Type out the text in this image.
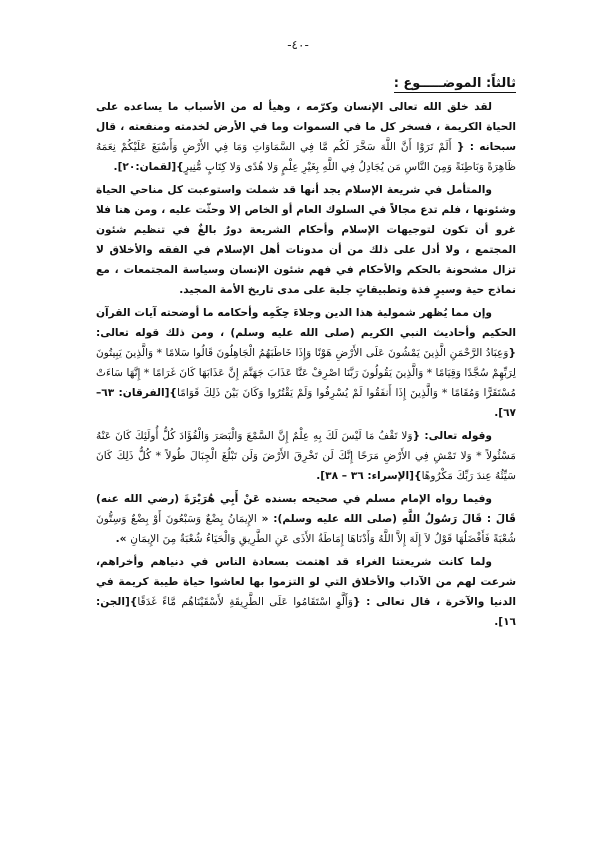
-٤٠-
ثالثاً: الموضـــــوع :

لقد خلق الله تعالى الإنسان وكرّمه ، وهيأ له من الأسباب ما يساعده على الحياة الكريمة ، فسخر كل ما في السموات وما في الأرض لخدمته ومنفعته ، قال سبحانه : { أَلَمْ تَرَوْا أَنَّ اللَّهَ سَخَّرَ لَكُم مَّا فِي السَّمَاوَاتِ وَمَا فِي الأَرْضِ وَأَسْبَغَ عَلَيْكُمْ نِعَمَهُ ظَاهِرَةً وَبَاطِنَةً وَمِنَ النَّاسِ مَن يُجَادِلُ فِي اللَّهِ بِغَيْرِ عِلْمٍ وَلا هُدًى وَلا كِتَابٍ مُّنِيرٍ}[لقمان:٢٠].

والمتأمل في شريعة الإسلام يجد أنها قد شملت واستوعبت كل مناحي الحياة وشئونها ، فلم تدع مجالاً في السلوك العام أو الخاص إلا وحثّت عليه ، ومن هنا فلا غرو أن تكون لتوجيهات الإسلام وأحكام الشريعة دورٌ بالغٌ في تنظيم شئون المجتمع ، ولا أدل على ذلك من أن مدونات أهل الإسلام في الفقه والأخلاق لا تزال مشحونة بالحكم والأحكام في فهم شئون الإنسان وسياسة المجتمعات ، مع نماذج حية وسيرٍ فذة وتطبيقاتٍ جلية على مدى تاريخ الأمة المجيد.

وإن مما يُظهر شمولية هذا الدين وجلاءَ حِكَمِه وأحكامه ما أوضحته آيات القرآن الحكيم وأحاديث النبي الكريم (صلى الله عليه وسلم) ، ومن ذلك قوله تعالى: {وَعِبَادُ الرَّحْمَنِ الَّذِينَ يَمْشُونَ عَلَى الأَرْضِ هَوْنًا وَإِذَا خَاطَبَهُمُ الْجَاهِلُونَ قَالُوا سَلامًا * وَالَّذِينَ يَبِيتُونَ لِرَبِّهِمْ سُجَّدًا وَقِيَامًا * وَالَّذِينَ يَقُولُونَ رَبَّنَا اصْرِفْ عَنَّا عَذَابَ جَهَنَّمَ إِنَّ عَذَابَهَا كَانَ غَرَامًا * إِنَّهَا سَاءَتْ مُسْتَقَرًّا وَمُقَامًا * وَالَّذِينَ إِذَا أَنفَقُوا لَمْ يُسْرِفُوا وَلَمْ يَقْتُرُوا وَكَانَ بَيْنَ ذَلِكَ قَوَامًا}[الفرقان: ٦٣– ٦٧].

وقوله تعالى: {وَلا تَقْفُ مَا لَيْسَ لَكَ بِهِ عِلْمٌ إِنَّ السَّمْعَ وَالْبَصَرَ وَالْفُؤَادَ كُلُّ أُولَئِكَ كَانَ عَنْهُ مَسْئُولاً * وَلا تَمْشِ فِي الأَرْضِ مَرَحًا إِنَّكَ لَن تَخْرِقَ الأَرْضَ وَلَن تَبْلُغَ الْجِبَالَ طُولاً * كُلُّ ذَلِكَ كَانَ سَيِّئُهُ عِندَ رَبِّكَ مَكْرُوهًا}[الإسراء: ٣٦ – ٣٨].

وفيما رواه الإمام مسلم في صحيحه بسنده عَنْ أَبِي هُرَيْرَةَ (رضي الله عنه) قَالَ : قَالَ رَسُولُ اللَّهِ (صلى الله عليه وسلم): « الإِيمَانُ بِضْعٌ وَسَبْعُونَ أَوْ بِضْعٌ وَسِتُّونَ شُعْبَةً فَأَفْضَلُهَا قَوْلُ لاَ إِلَهَ إِلاَّ اللَّهُ وَأَدْنَاهَا إِمَاطَةُ الأَذَى عَنِ الطَّرِيقِ وَالْحَيَاءُ شُعْبَةٌ مِنَ الإِيمَانِ ».

ولما كانت شريعتنا الغراء قد اهتمت بسعادة الناس في دنياهم وأخراهم، شرعت لهم من الآداب والأخلاق التي لو التزموا بها لعاشوا حياة طيبة كريمة في الدنيا والآخرة ، قال تعالى : {وَأَلَّوِ اسْتَقَامُوا عَلَى الطَّرِيقَةِ لأَسْقَيْنَاهُم مَّاءً غَدَقًا}[الجن: ١٦].
